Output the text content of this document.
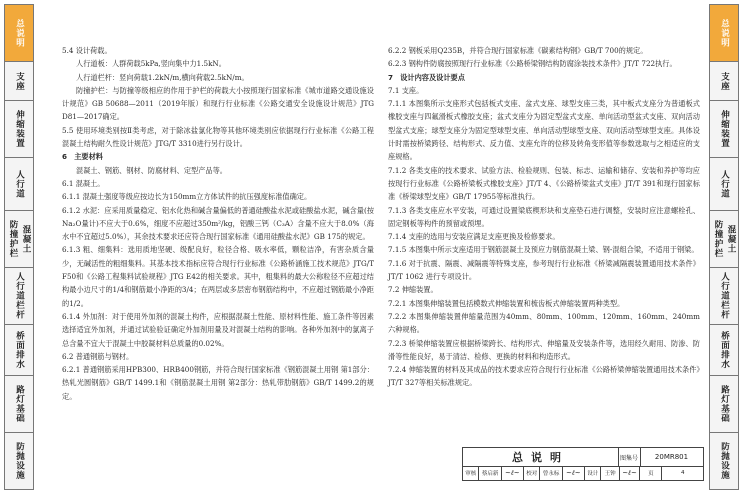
总说明
支座
伸缩装置
人行道
防撞护栏 混凝土
人行道栏杆
桥面排水
路灯基础
防抛设施
总说明
支座
伸缩装置
人行道
防撞护栏 混凝土
人行道栏杆
桥面排水
路灯基础
防抛设施

5.4 设计荷载。

人行道板：人群荷载5kPa,竖向集中力1.5kN。

人行道栏杆：竖向荷载1.2kN/m,横向荷载2.5kN/m。

防撞护栏：与防撞等级相应的作用于护栏的荷载大小按照现行国家标准《城市道路交通设施设计规范》GB 50688—2011（2019年版）和现行行业标准《公路交通安全设施设计规范》JTG D81—2017确定。

5.5 使用环境类别按Ⅱ类考虑，对于除冰盐氯化物等其他环境类别应依据现行行业标准《公路工程混凝土结构耐久性设计规范》JTG/T 3310进行另行设计。

6　主要材料

混凝土、钢筋、钢材、防腐材料、定型产品等。

6.1 混凝土。

6.1.1 混凝土强度等级应按边长为150mm立方体试件的抗压强度标准值确定。

6.1.2 水泥：应采用质量稳定、铝水化热和碱含量偏低的普通硅酸盐水泥或硅酸盐水泥，碱含量(按Na₂O量计)不应大于0.6%，细度不应超过350m²/kg，铝酸三钙（C₃A）含量不应大于8.0%（海水中不宜超过5.0%），其余技术要求还应符合现行国家标准《通用硅酸盐水泥》GB 175的规定。

6.1.3 粗、细集料：选用质地坚硬、级配良好，粒径合格、吸水率低，颗粒洁净，有害杂质含量少，无碱活性的粗细集料。其基本技术指标应符合现行行业标准《公路桥涵施工技术规范》JTG/T F50和《公路工程集料试验规程》JTG E42的相关要求。其中，粗集料的最大公称粒径不应超过结构最小边尺寸的1/4和钢筋最小净距的3/4；在两层或多层密布钢筋结构中，不应超过钢筋最小净距的1/2。

6.1.4 外加剂：对于使用外加剂的混凝土构件，应根据混凝土性能、原材料性能、施工条件等因素选择适宜外加剂，并通过试验验证确定外加剂用量及对混凝土结构的影响。各种外加剂中的氯离子总含量不宜大于混凝土中胶凝材料总质量的0.02%。

6.2 普通钢筋与钢材。

6.2.1 普通钢筋采用HPB300、HRB400钢筋，并符合现行国家标准《钢筋混凝土用钢 第1部分：热轧光圆钢筋》GB/T 1499.1和《钢筋混凝土用钢 第2部分：热轧带肋钢筋》GB/T 1499.2的规定。

6.2.2 钢板采用Q235B，并符合现行国家标准《碳素结构钢》GB/T 700的规定。

6.2.3 钢构件防腐按照现行行业标准《公路桥梁钢结构防腐涂装技术条件》JT/T 722执行。

7　设计内容及设计要点

7.1 支座。

7.1.1 本图集所示支座形式包括板式支座、盆式支座、球型支座三类，其中板式支座分为普通板式橡胶支座与四氟滑板式橡胶支座；盆式支座分为固定型盆式支座、单向活动型盆式支座、双向活动型盆式支座；球型支座分为固定型球型支座、单向活动型球型支座、双向活动型球型支座。具体设计时需按桥梁跨径、结构形式、反力值、支座允许的位移及转角变形值等参数选取与之相适应的支座规格。

7.1.2 各类支座的技术要求、试验方法、检验规则、包装、标志、运输和储存、安装和养护等均应按现行行业标准《公路桥梁板式橡胶支座》JT/T 4、《公路桥梁盆式支座》JT/T 391和现行国家标准《桥梁球型支座》GB/T 17955等标准执行。

7.1.3 各类支座应水平安装，可通过设置梁底楔形块和支座垫石进行调整，安装时应注意螺栓孔、固定钢板等构件的预留或预埋。

7.1.4 支座的选用与安装应满足支座更换及检修要求。

7.1.5 本图集中所示支座适用于钢筋混凝土及预应力钢筋混凝土梁、钢-混组合梁，不适用于钢梁。

7.1.6 对于抗震、隔震、减隔震等特殊支座，参考现行行业标准《桥梁减隔震装置通用技术条件》JT/T 1062 进行专项设计。

7.2 伸缩装置。

7.2.1 本图集伸缩装置包括模数式伸缩装置和梳齿板式伸缩装置两种类型。

7.2.2 本图集伸缩装置伸缩量范围为40mm、80mm、100mm、120mm、160mm、240mm六种规格。

7.2.3 桥梁伸缩装置应根据桥梁跨长、结构形式、伸缩量及安装条件等，选用经久耐用、防渗、防滑等性能良好，易于清洁、检修、更换的材料和构造形式。

7.2.4 伸缩装置的材料及其成品的技术要求应符合现行行业标准《公路桥梁伸缩装置通用技术条件》JT/T 327等相关标准规定。

总说明	图集号	20MR801
审核	蔡启新 ~ℓ~	校对	曾永标 ~ℓ~	设计	王钟 ~ℓ~	页	4
